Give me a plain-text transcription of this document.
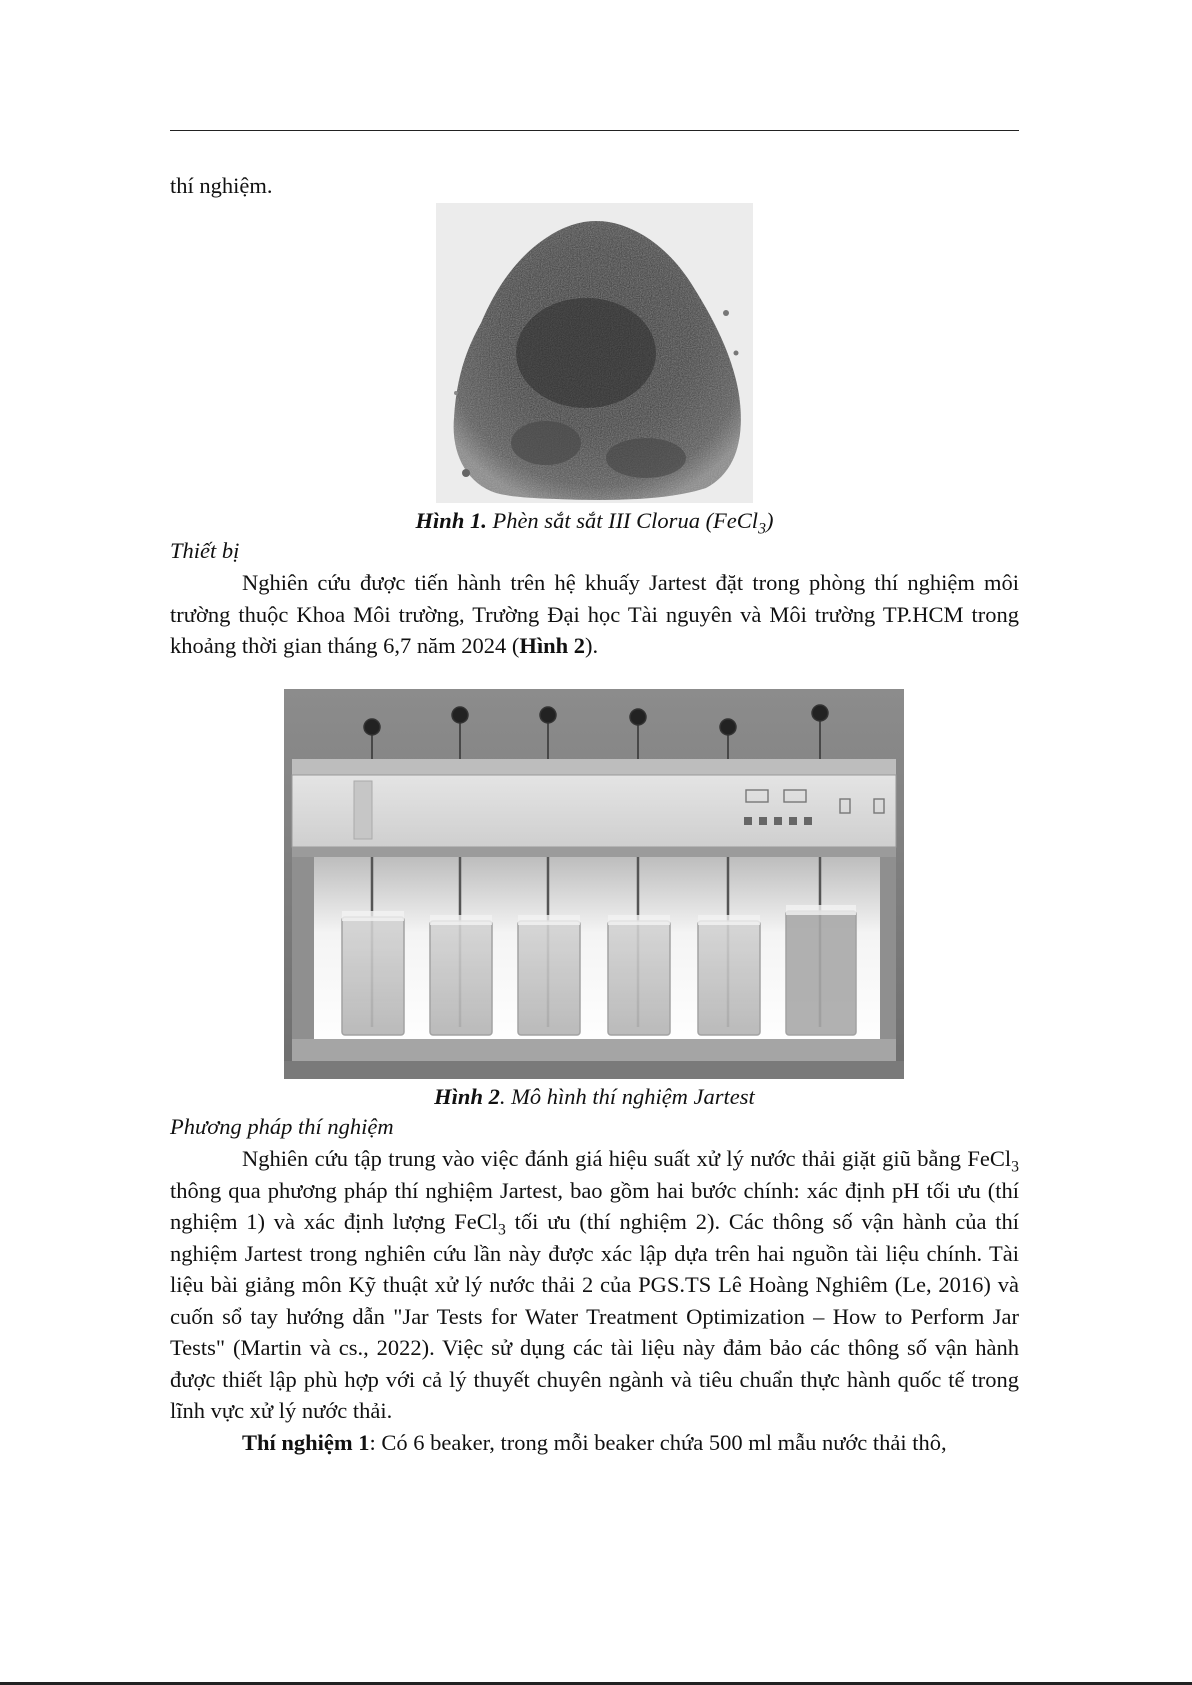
thí nghiệm.

Hình 1. Phèn sắt sắt III Clorua (FeCl$_3$)

Thiết bị

Nghiên cứu được tiến hành trên hệ khuấy Jartest đặt trong phòng thí nghiệm môi trường thuộc Khoa Môi trường, Trường Đại học Tài nguyên và Môi trường TP.HCM trong khoảng thời gian tháng 6,7 năm 2024 (Hình 2).

Hình 2. Mô hình thí nghiệm Jartest

Phương pháp thí nghiệm

Nghiên cứu tập trung vào việc đánh giá hiệu suất xử lý nước thải giặt giũ bằng FeCl$_3$ thông qua phương pháp thí nghiệm Jartest, bao gồm hai bước chính: xác định pH tối ưu (thí nghiệm 1) và xác định lượng FeCl$_3$ tối ưu (thí nghiệm 2). Các thông số vận hành của thí nghiệm Jartest trong nghiên cứu lần này được xác lập dựa trên hai nguồn tài liệu chính. Tài liệu bài giảng môn Kỹ thuật xử lý nước thải 2 của PGS.TS Lê Hoàng Nghiêm (Le, 2016) và cuốn sổ tay hướng dẫn "Jar Tests for Water Treatment Optimization – How to Perform Jar Tests" (Martin và cs., 2022). Việc sử dụng các tài liệu này đảm bảo các thông số vận hành được thiết lập phù hợp với cả lý thuyết chuyên ngành và tiêu chuẩn thực hành quốc tế trong lĩnh vực xử lý nước thải.

Thí nghiệm 1: Có 6 beaker, trong mỗi beaker chứa 500 ml mẫu nước thải thô,
